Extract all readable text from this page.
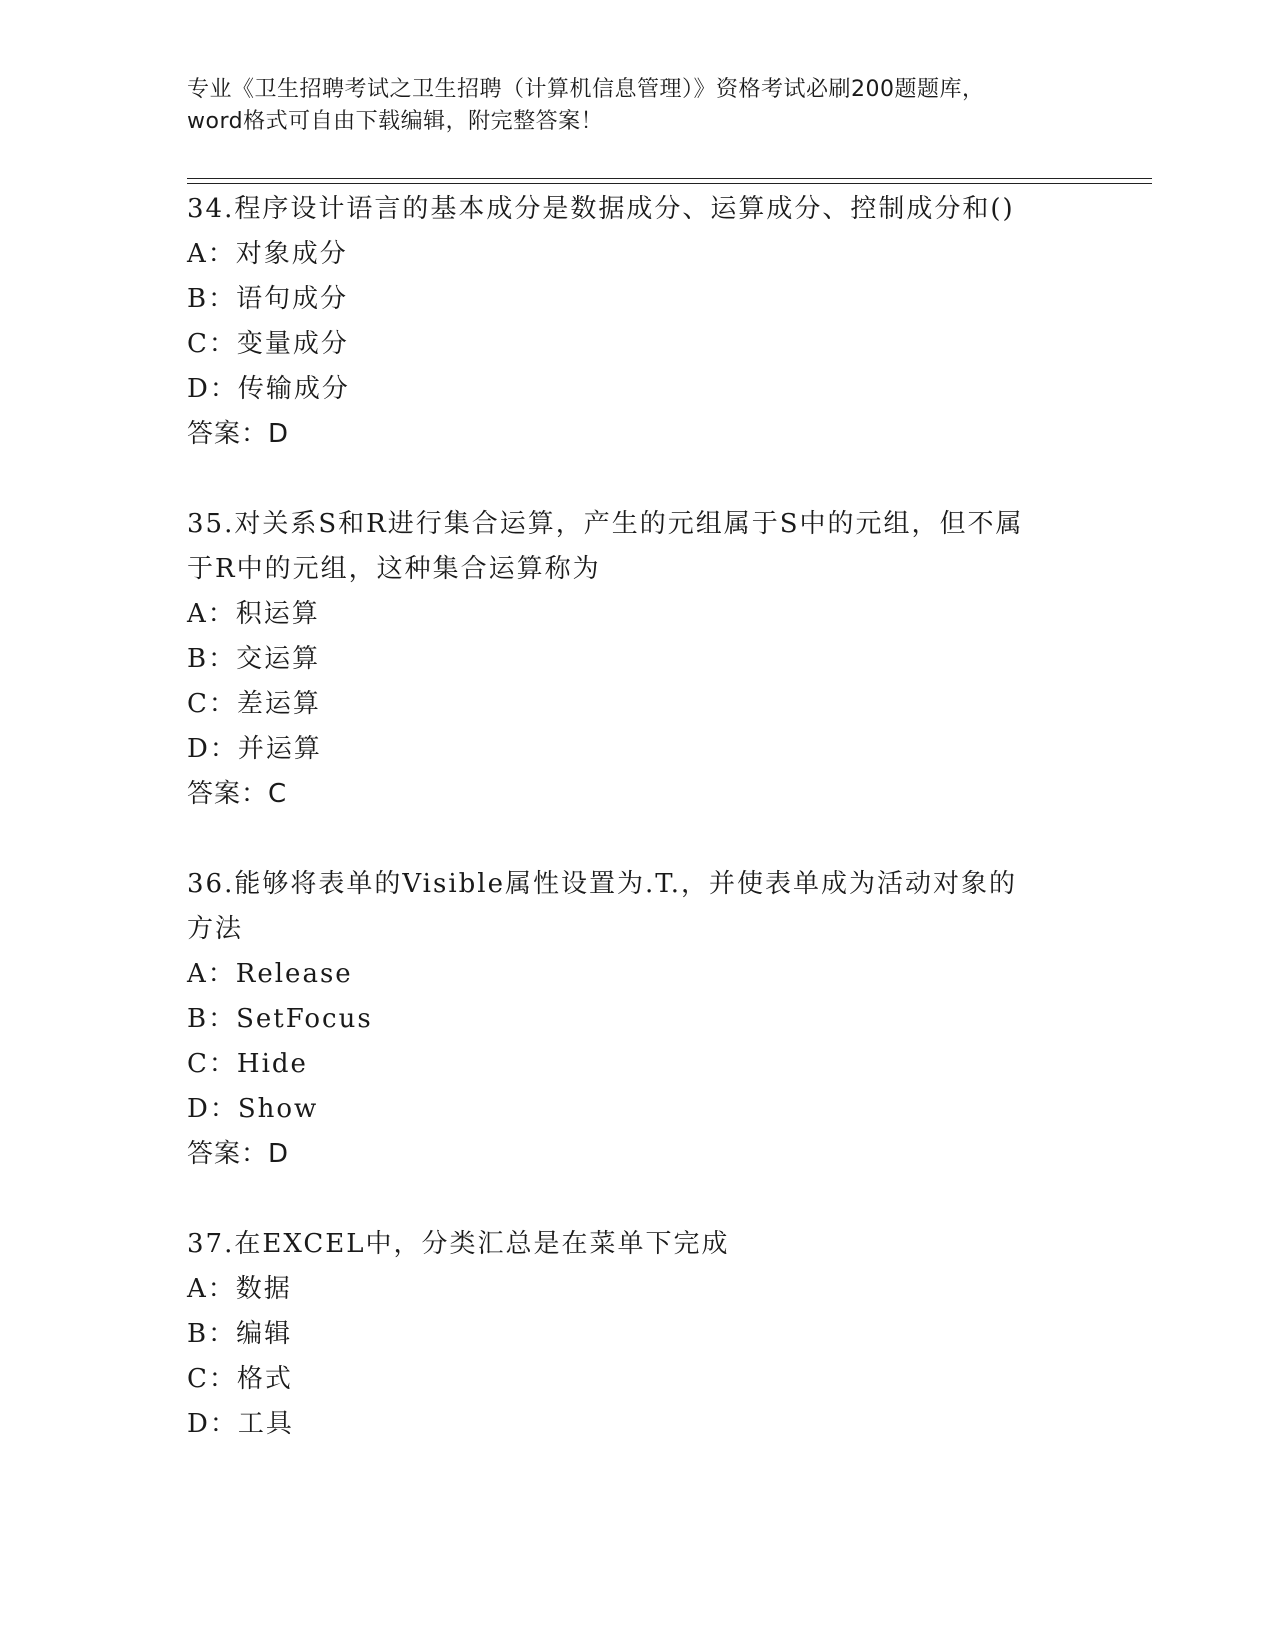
专业《卫生招聘考试之卫生招聘（计算机信息管理）》资格考试必刷200题题库，
word格式可自由下载编辑，附完整答案！
34.程序设计语言的基本成分是数据成分、运算成分、控制成分和()
A：对象成分
B：语句成分
C：变量成分
D：传输成分
答案：D
35.对关系S和R进行集合运算，产生的元组属于S中的元组，但不属
于R中的元组，这种集合运算称为
A：积运算
B：交运算
C：差运算
D：并运算
答案：C
36.能够将表单的Visible属性设置为.T.，并使表单成为活动对象的
方法
A：Release
B：SetFocus
C：Hide
D：Show
答案：D
37.在EXCEL中，分类汇总是在菜单下完成
A：数据
B：编辑
C：格式
D：工具
